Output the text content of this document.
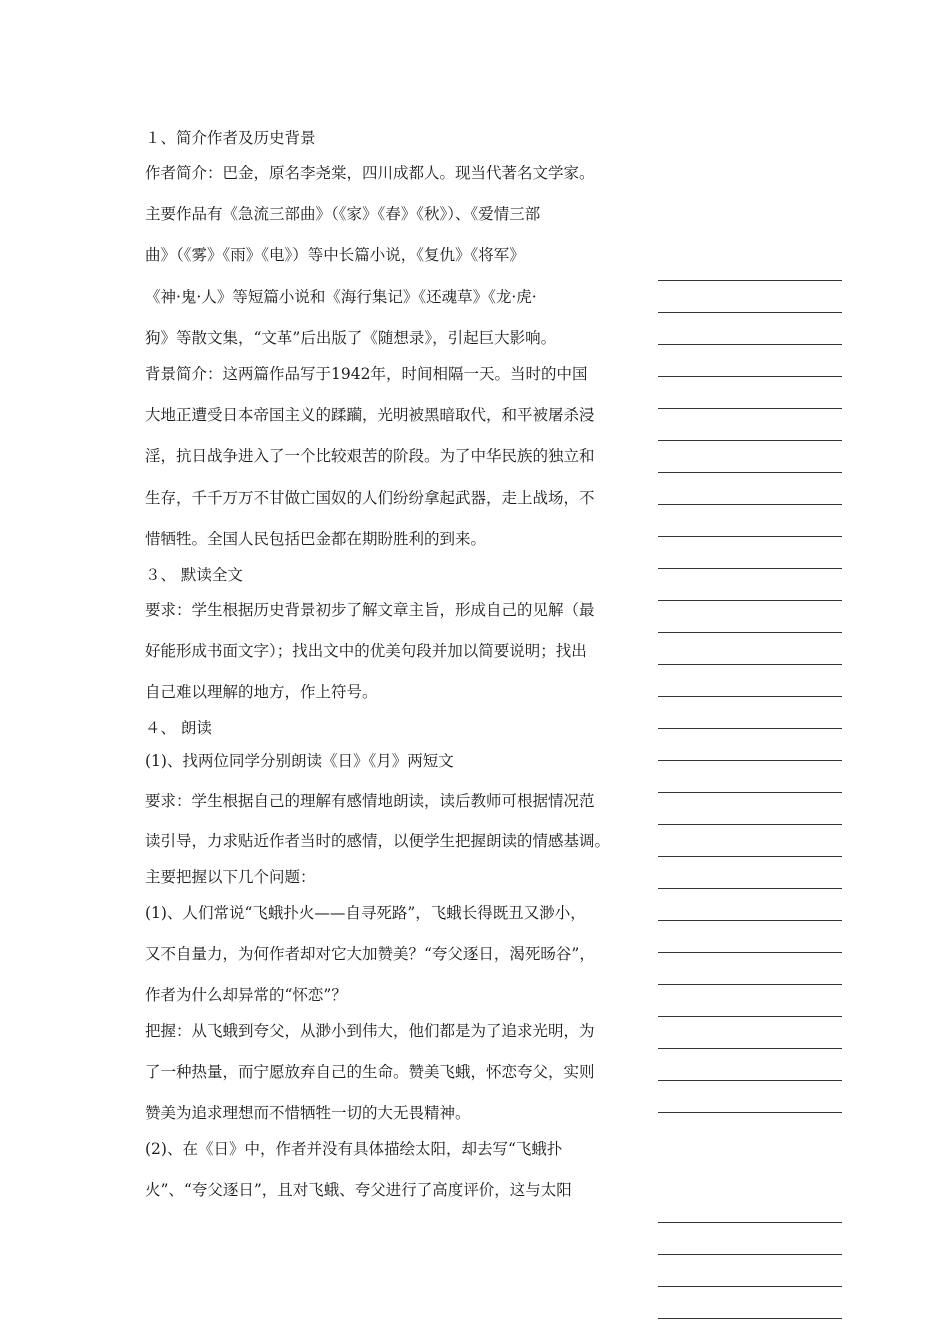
１、简介作者及历史背景
作者简介：巴金，原名李尧棠，四川成都人。现当代著名文学家。
主要作品有《急流三部曲》（《家》《春》《秋》）、《爱情三部
曲》（《雾》《雨》《电》）等中长篇小说，《复仇》《将军》
《神·鬼·人》等短篇小说和《海行集记》《还魂草》《龙·虎·
狗》等散文集，“文革”后出版了《随想录》，引起巨大影响。
背景简介：这两篇作品写于1942年，时间相隔一天。当时的中国
大地正遭受日本帝国主义的蹂躏，光明被黑暗取代，和平被屠杀浸
淫，抗日战争进入了一个比较艰苦的阶段。为了中华民族的独立和
生存，千千万万不甘做亡国奴的人们纷纷拿起武器，走上战场，不
惜牺牲。全国人民包括巴金都在期盼胜利的到来。
３、 默读全文
要求：学生根据历史背景初步了解文章主旨，形成自己的见解（最
好能形成书面文字）；找出文中的优美句段并加以简要说明；找出
自己难以理解的地方，作上符号。
４、 朗读
(1)、找两位同学分别朗读《日》《月》两短文
要求：学生根据自己的理解有感情地朗读，读后教师可根据情况范
读引导，力求贴近作者当时的感情，以便学生把握朗读的情感基调。
主要把握以下几个问题：
(1)、人们常说“飞蛾扑火——自寻死路”，飞蛾长得既丑又渺小，
又不自量力，为何作者却对它大加赞美？“夸父逐日，渴死旸谷”，
作者为什么却异常的“怀恋”？
把握：从飞蛾到夸父，从渺小到伟大，他们都是为了追求光明，为
了一种热量，而宁愿放弃自己的生命。赞美飞蛾，怀恋夸父，实则
赞美为追求理想而不惜牺牲一切的大无畏精神。
(2)、在《日》中，作者并没有具体描绘太阳，却去写“飞蛾扑
火”、“夸父逐日”，且对飞蛾、夸父进行了高度评价，这与太阳
